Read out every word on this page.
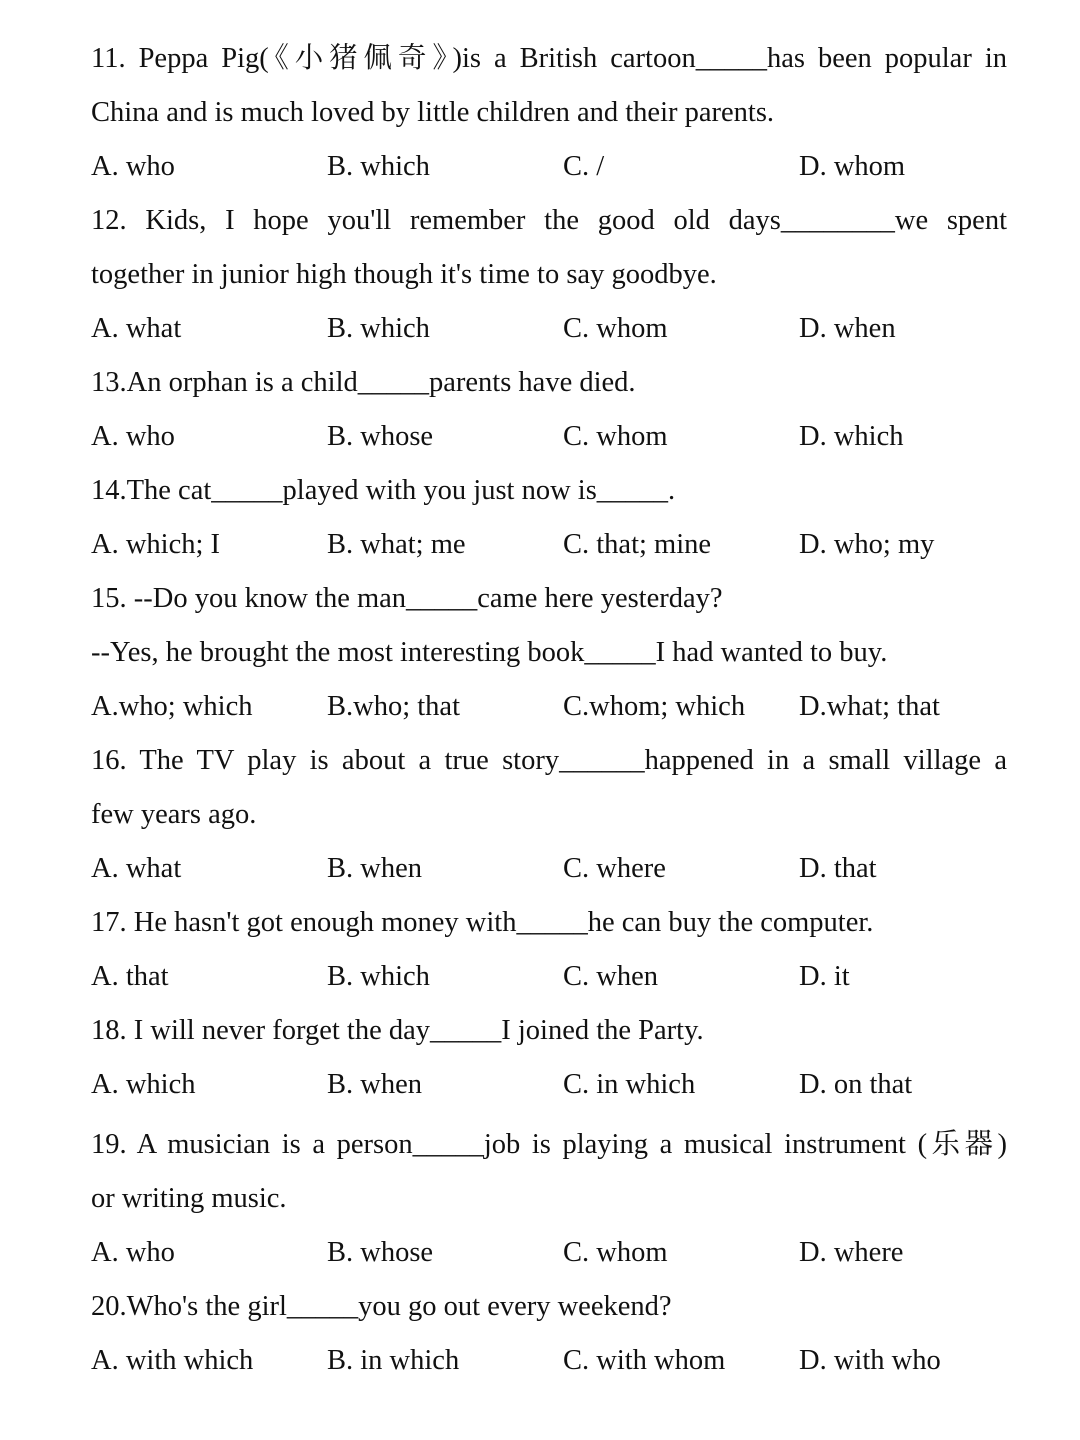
11. Peppa Pig(《小猪佩奇》)is a British cartoon_____has been popular in
China and is much loved by little children and their parents.
A. who	B. which	C. /	D. whom
12. Kids, I hope you'll remember the good old days________we spent
together in junior high though it's time to say goodbye.
A. what	B. which	C. whom	D. when
13.An orphan is a child_____parents have died.
A. who	B. whose	C. whom	D. which
14.The cat_____played with you just now is_____.
A. which; I	B. what; me	C. that; mine	D. who; my
15. --Do you know the man_____came here yesterday?
--Yes, he brought the most interesting book_____I had wanted to buy.
A.who; which	B.who; that	C.whom; which	D.what; that
16. The TV play is about a true story______happened in a small village a
few years ago.
A. what	B. when	C. where	D. that
17. He hasn't got enough money with_____he can buy the computer.
A. that	B. which	C. when	D. it
18. I will never forget the day_____I joined the Party.
A. which	B. when	C. in which	D. on that
19. A musician is a person_____job is playing a musical instrument (乐器)
or writing music.
A. who	B. whose	C. whom	D. where
20.Who's the girl_____you go out every weekend?
A. with which	B. in which	C. with whom	D. with who
